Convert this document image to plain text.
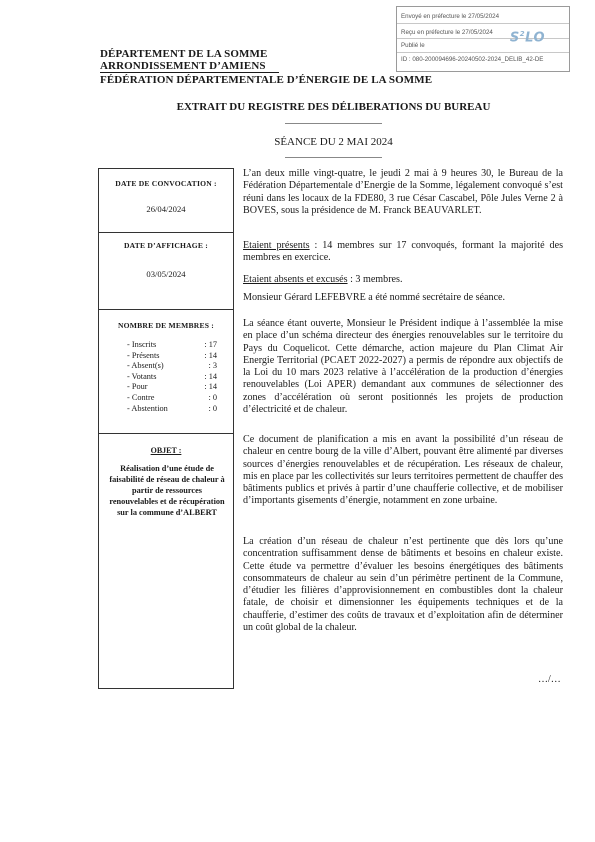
Envoyé en préfecture le 27/05/2024
Reçu en préfecture le 27/05/2024
Publié le
ID : 080-200094696-20240502-2024_DELIB_42-DE
$S^2LO$
DÉPARTEMENT DE LA SOMME
ARRONDISSEMENT D’AMIENS
FÉDÉRATION DÉPARTEMENTALE D’ÉNERGIE DE LA SOMME
EXTRAIT DU REGISTRE DES DÉLIBERATIONS DU BUREAU
SÉANCE DU 2 MAI 2024
DATE DE CONVOCATION :
26/04/2024
DATE D’AFFICHAGE :
03/05/2024
NOMBRE DE MEMBRES :
- Inscrits	: 17
- Présents	: 14
- Absent(s)	: 3
- Votants	: 14
- Pour	: 14
- Contre	: 0
- Abstention	: 0
OBJET :
Réalisation d’une étude de faisabilité de réseau de chaleur à partir de ressources renouvelables et de récupération sur la commune d’ALBERT
L’an deux mille vingt-quatre, le jeudi 2 mai à 9 heures 30, le Bureau de la Fédération Départementale d’Energie de la Somme, légalement convoqué s’est réuni dans les locaux de la FDE80, 3 rue César Cascabel, Pôle Jules Verne 2 à BOVES, sous la présidence de M. Franck BEAUVARLET.
Etaient présents : 14 membres sur 17 convoqués, formant la majorité des membres en exercice.
Etaient absents et excusés : 3 membres.
Monsieur Gérard LEFEBVRE a été nommé secrétaire de séance.
La séance étant ouverte, Monsieur le Président indique à l’assemblée la mise en place d’un schéma directeur des énergies renouvelables sur le territoire du Pays du Coquelicot. Cette démarche, action majeure du Plan Climat Air Energie Territorial (PCAET 2022-2027) a permis de répondre aux objectifs de la Loi du 10 mars 2023 relative à l’accélération de la production d’énergies renouvelables (Loi APER) demandant aux communes de sélectionner des zones d’accélération où seront positionnés les projets de production d’électricité et de chaleur.
Ce document de planification a mis en avant la possibilité d’un réseau de chaleur en centre bourg de la ville d’Albert, pouvant être alimenté par diverses sources d’énergies renouvelables et de récupération. Les réseaux de chaleur, mis en place par les collectivités sur leurs territoires permettent de chauffer des bâtiments publics et privés à partir d’une chaufferie collective, et de mobiliser d’importants gisements d’énergie, notamment en zone urbaine.
La création d’un réseau de chaleur n’est pertinente que dès lors qu’une concentration suffisamment dense de bâtiments et besoins en chaleur existe. Cette étude va permettre d’évaluer les besoins énergétiques des bâtiments consommateurs de chaleur au sein d’un périmètre pertinent de la Commune, d’étudier les filières d’approvisionnement en combustibles dont la chaleur fatale, de choisir et dimensionner les équipements techniques et de la chaufferie, d’estimer des coûts de travaux et d’exploitation afin de déterminer un coût global de la chaleur.
…/…
